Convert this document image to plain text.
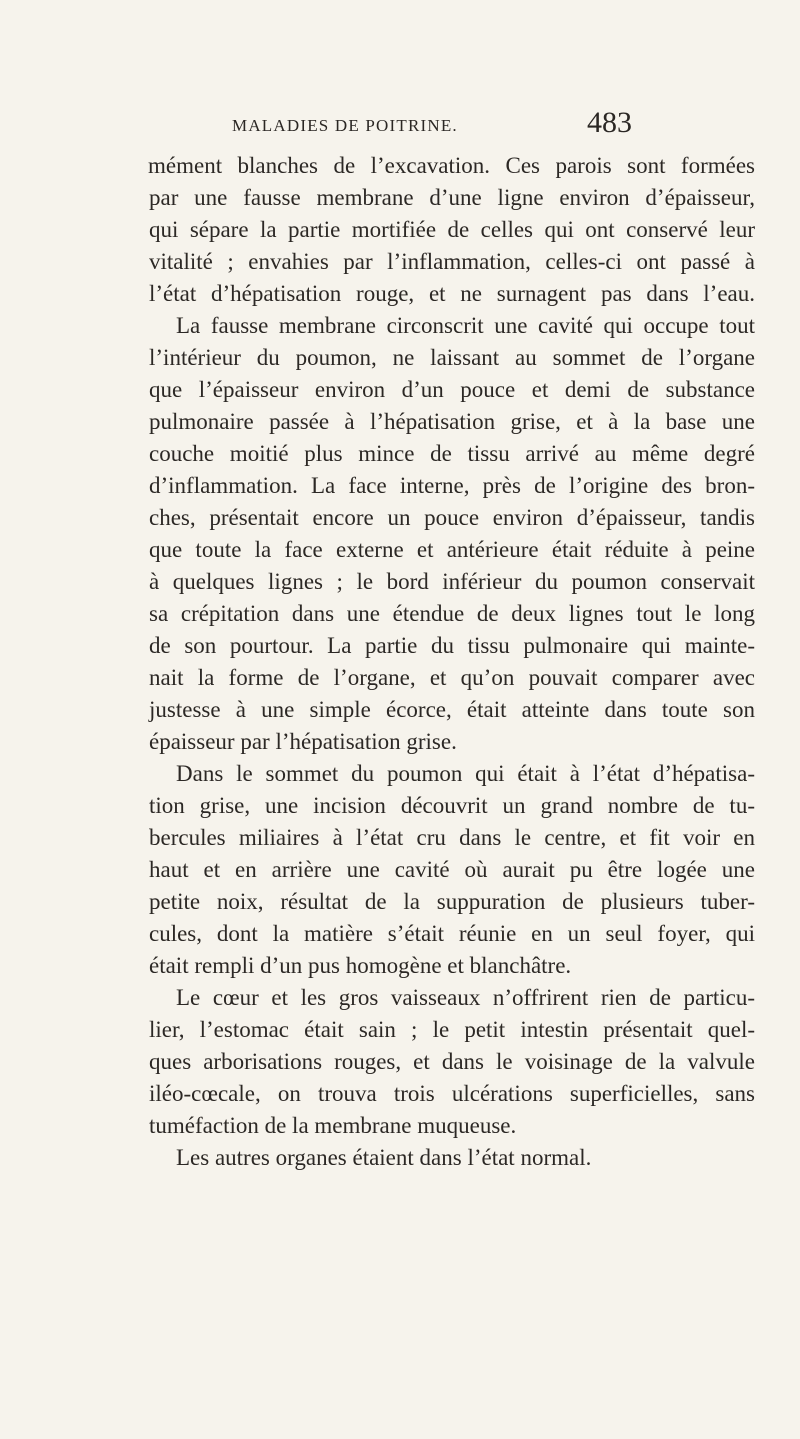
MALADIES DE POITRINE.	483
mément blanches de l’excavation. Ces parois sont formées
par une fausse membrane d’une ligne environ d’épaisseur,
qui sépare la partie mortifiée de celles qui ont conservé leur
vitalité ; envahies par l’inflammation, celles-ci ont passé à
l’état d’hépatisation rouge, et ne surnagent pas dans l’eau.
La fausse membrane circonscrit une cavité qui occupe tout
l’intérieur du poumon, ne laissant au sommet de l’organe
que l’épaisseur environ d’un pouce et demi de substance
pulmonaire passée à l’hépatisation grise, et à la base une
couche moitié plus mince de tissu arrivé au même degré
d’inflammation. La face interne, près de l’origine des bron-
ches, présentait encore un pouce environ d’épaisseur, tandis
que toute la face externe et antérieure était réduite à peine
à quelques lignes ; le bord inférieur du poumon conservait
sa crépitation dans une étendue de deux lignes tout le long
de son pourtour. La partie du tissu pulmonaire qui mainte-
nait la forme de l’organe, et qu’on pouvait comparer avec
justesse à une simple écorce, était atteinte dans toute son
épaisseur par l’hépatisation grise.
Dans le sommet du poumon qui était à l’état d’hépatisa-
tion grise, une incision découvrit un grand nombre de tu-
bercules miliaires à l’état cru dans le centre, et fit voir en
haut et en arrière une cavité où aurait pu être logée une
petite noix, résultat de la suppuration de plusieurs tuber-
cules, dont la matière s’était réunie en un seul foyer, qui
était rempli d’un pus homogène et blanchâtre.
Le cœur et les gros vaisseaux n’offrirent rien de particu-
lier, l’estomac était sain ; le petit intestin présentait quel-
ques arborisations rouges, et dans le voisinage de la valvule
iléo-cœcale, on trouva trois ulcérations superficielles, sans
tuméfaction de la membrane muqueuse.
Les autres organes étaient dans l’état normal.
